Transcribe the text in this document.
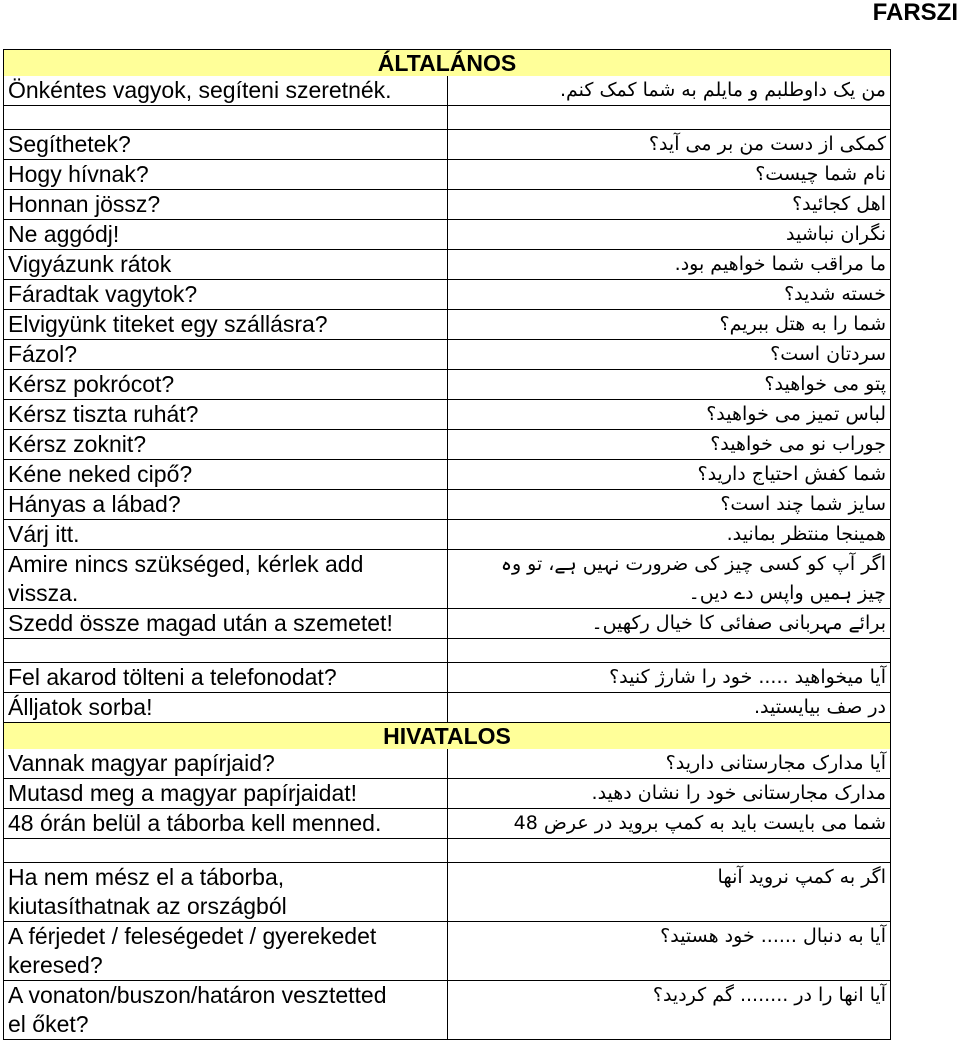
FARSZI
ÁLTALÁNOS	

Önkéntes vagyok, segíteni szeretnék.	من یک داوطلبم و مایلم به شما کمک کنم.

Segíthetek?	کمکی از دست من بر می آید؟

Hogy hívnak?	نام شما چیست؟

Honnan jössz?	اهل کجائید؟

Ne aggódj!	نگران نباشید

Vigyázunk rátok	ما مراقب شما خواهیم بود.

Fáradtak vagytok?	خسته شدید؟

Elvigyünk titeket egy szállásra?	شما را به هتل ببریم؟

Fázol?	سردتان است؟

Kérsz pokrócot?	پتو می خواهید؟

Kérsz tiszta ruhát?	لباس تمیز می خواهید؟

Kérsz zoknit?	جوراب نو می خواهید؟

Kéne neked cipő?	شما کفش احتیاج دارید؟

Hányas a lábad?	سایز شما چند است؟

Várj itt.	همینجا منتظر بمانید.

Amire nincs szükséged, kérlek add
vissza.	اگر آپ کو کسی چیز کی ضرورت نہیں ہے، تو وہ
چیز ہمیں واپس دے دیں۔

Szedd össze magad után a szemetet!	برائے مہربانی صفائی کا خیال رکھیں۔

Fel akarod tölteni a telefonodat?	آیا میخواهید ..... خود را شارژ کنید؟

Álljatok sorba!	در صف بیایستید.

HIVATALOS	

Vannak magyar papírjaid?	آیا مدارک مجارستانی دارید؟

Mutasd meg a magyar papírjaidat!	مدارک مجارستانی خود را نشان دهید.

48 órán belül a táborba kell menned.	شما می بایست باید به کمپ بروید در عرض 48

Ha nem mész el a táborba,
kiutasíthatnak az országból	اگر به کمپ نروید آنها

A férjedet / feleségedet / gyerekedet
keresed?	آیا به دنبال ...... خود هستید؟

A vonaton/buszon/határon vesztetted
el őket?	آیا انها را در ........ گم کردید؟
